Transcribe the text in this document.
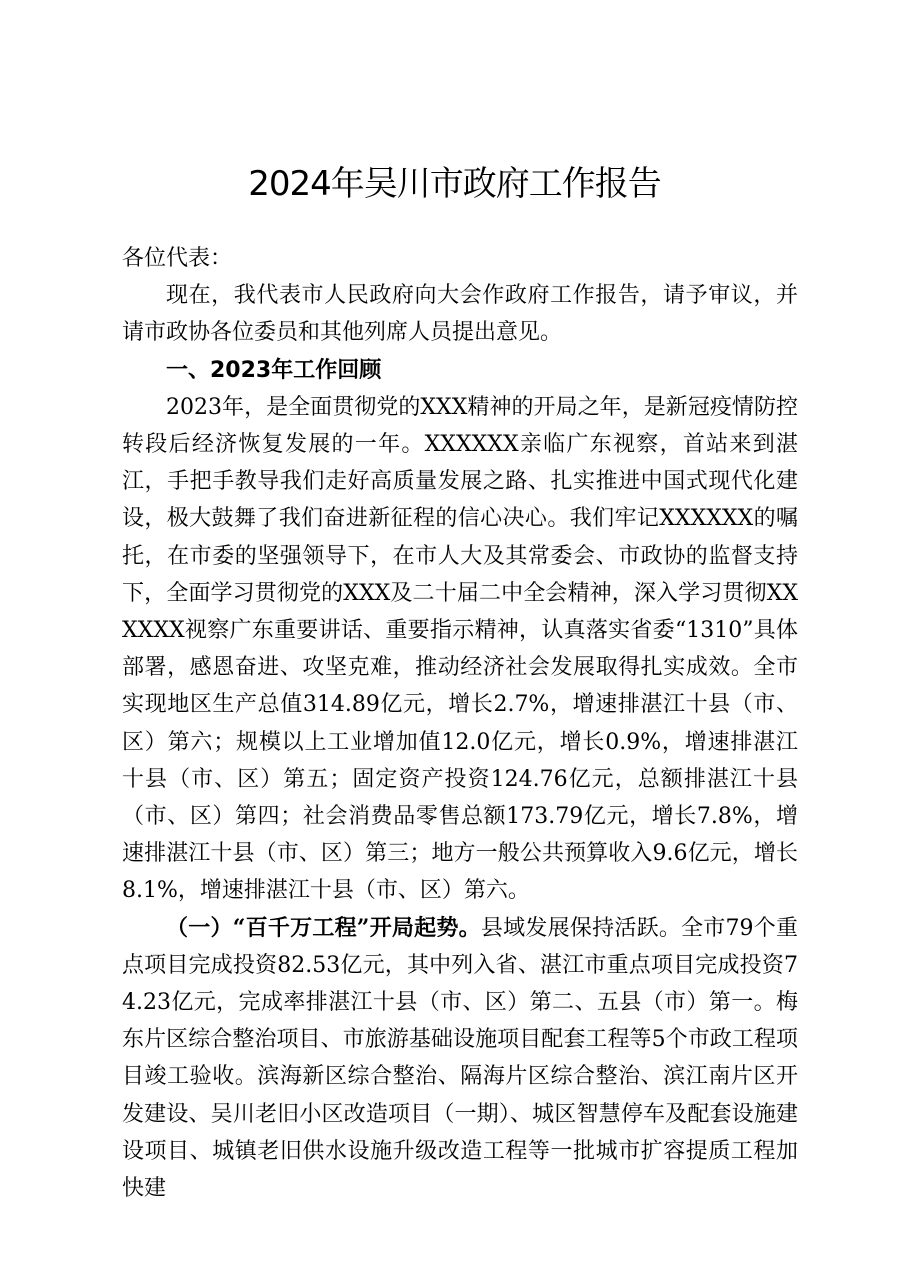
2024年吴川市政府工作报告

各位代表：

现在，我代表市人民政府向大会作政府工作报告，请予审议，并请市政协各位委员和其他列席人员提出意见。

一、2023年工作回顾

2023年，是全面贯彻党的XXX精神的开局之年，是新冠疫情防控转段后经济恢复发展的一年。XXXXXX亲临广东视察，首站来到湛江，手把手教导我们走好高质量发展之路、扎实推进中国式现代化建设，极大鼓舞了我们奋进新征程的信心决心。我们牢记XXXXXX的嘱托，在市委的坚强领导下，在市人大及其常委会、市政协的监督支持下，全面学习贯彻党的XXX及二十届二中全会精神，深入学习贯彻XXXXXX视察广东重要讲话、重要指示精神，认真落实省委“1310”具体部署，感恩奋进、攻坚克难，推动经济社会发展取得扎实成效。全市实现地区生产总值314.89亿元，增长2.7%，增速排湛江十县（市、区）第六；规模以上工业增加值12.0亿元，增长0.9%，增速排湛江十县（市、区）第五；固定资产投资124.76亿元，总额排湛江十县（市、区）第四；社会消费品零售总额173.79亿元，增长7.8%，增速排湛江十县（市、区）第三；地方一般公共预算收入9.6亿元，增长8.1%，增速排湛江十县（市、区）第六。

（一）“百千万工程”开局起势。县域发展保持活跃。全市79个重点项目完成投资82.53亿元，其中列入省、湛江市重点项目完成投资74.23亿元，完成率排湛江十县（市、区）第二、五县（市）第一。梅东片区综合整治项目、市旅游基础设施项目配套工程等5个市政工程项目竣工验收。滨海新区综合整治、隔海片区综合整治、滨江南片区开发建设、吴川老旧小区改造项目（一期）、城区智慧停车及配套设施建设项目、城镇老旧供水设施升级改造工程等一批城市扩容提质工程加快建
